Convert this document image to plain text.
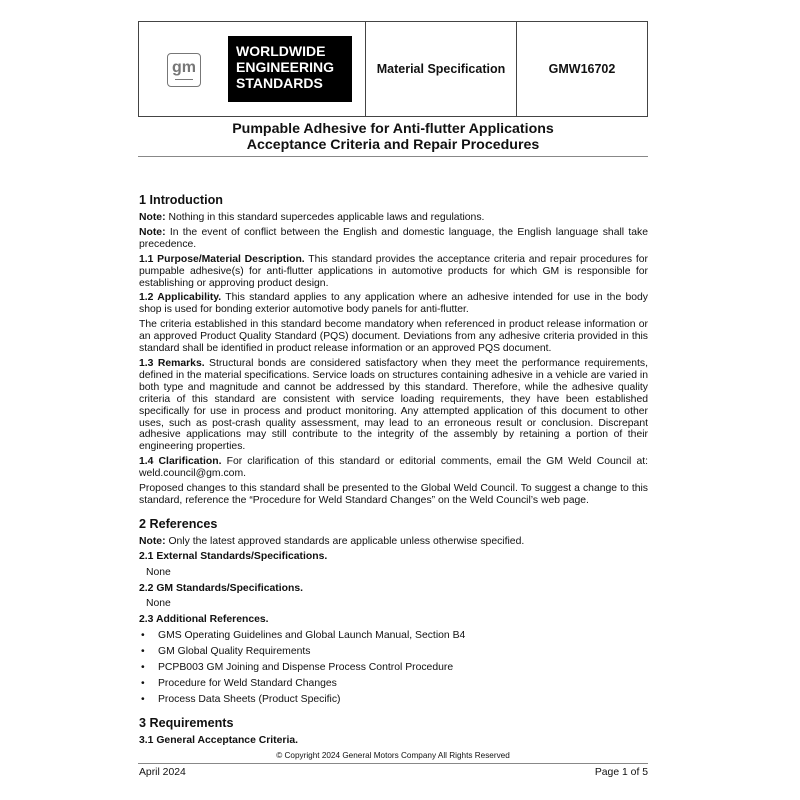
gm
WORLDWIDE
ENGINEERING
STANDARDS
Material Specification	GMW16702
Pumpable Adhesive for Anti-flutter Applications
Acceptance Criteria and Repair Procedures
1 Introduction

Note: Nothing in this standard supercedes applicable laws and regulations.

Note: In the event of conflict between the English and domestic language, the English language shall take precedence.

1.1 Purpose/Material Description. This standard provides the acceptance criteria and repair procedures for pumpable adhesive(s) for anti-flutter applications in automotive products for which GM is responsible for establishing or approving product design.

1.2 Applicability. This standard applies to any application where an adhesive intended for use in the body shop is used for bonding exterior automotive body panels for anti-flutter.

The criteria established in this standard become mandatory when referenced in product release information or an approved Product Quality Standard (PQS) document. Deviations from any adhesive criteria provided in this standard shall be identified in product release information or an approved PQS document.

1.3 Remarks. Structural bonds are considered satisfactory when they meet the performance requirements, defined in the material specifications. Service loads on structures containing adhesive in a vehicle are varied in both type and magnitude and cannot be addressed by this standard. Therefore, while the adhesive quality criteria of this standard are consistent with service loading requirements, they have been established specifically for use in process and product monitoring. Any attempted application of this document to other uses, such as post-crash quality assessment, may lead to an erroneous result or conclusion. Discrepant adhesive applications may still contribute to the integrity of the assembly by retaining a portion of their engineering properties.

1.4 Clarification. For clarification of this standard or editorial comments, email the GM Weld Council at: weld.council@gm.com.

Proposed changes to this standard shall be presented to the Global Weld Council. To suggest a change to this standard, reference the “Procedure for Weld Standard Changes” on the Weld Council’s web page.

2 References

Note: Only the latest approved standards are applicable unless otherwise specified.

2.1 External Standards/Specifications.
None
2.2 GM Standards/Specifications.
None
2.3 Additional References.
• GMS Operating Guidelines and Global Launch Manual, Section B4
• GM Global Quality Requirements
• PCPB003 GM Joining and Dispense Process Control Procedure
• Procedure for Weld Standard Changes
• Process Data Sheets (Product Specific)
3 Requirements
3.1 General Acceptance Criteria.
© Copyright 2024 General Motors Company All Rights Reserved
April 2024	Page 1 of 5
